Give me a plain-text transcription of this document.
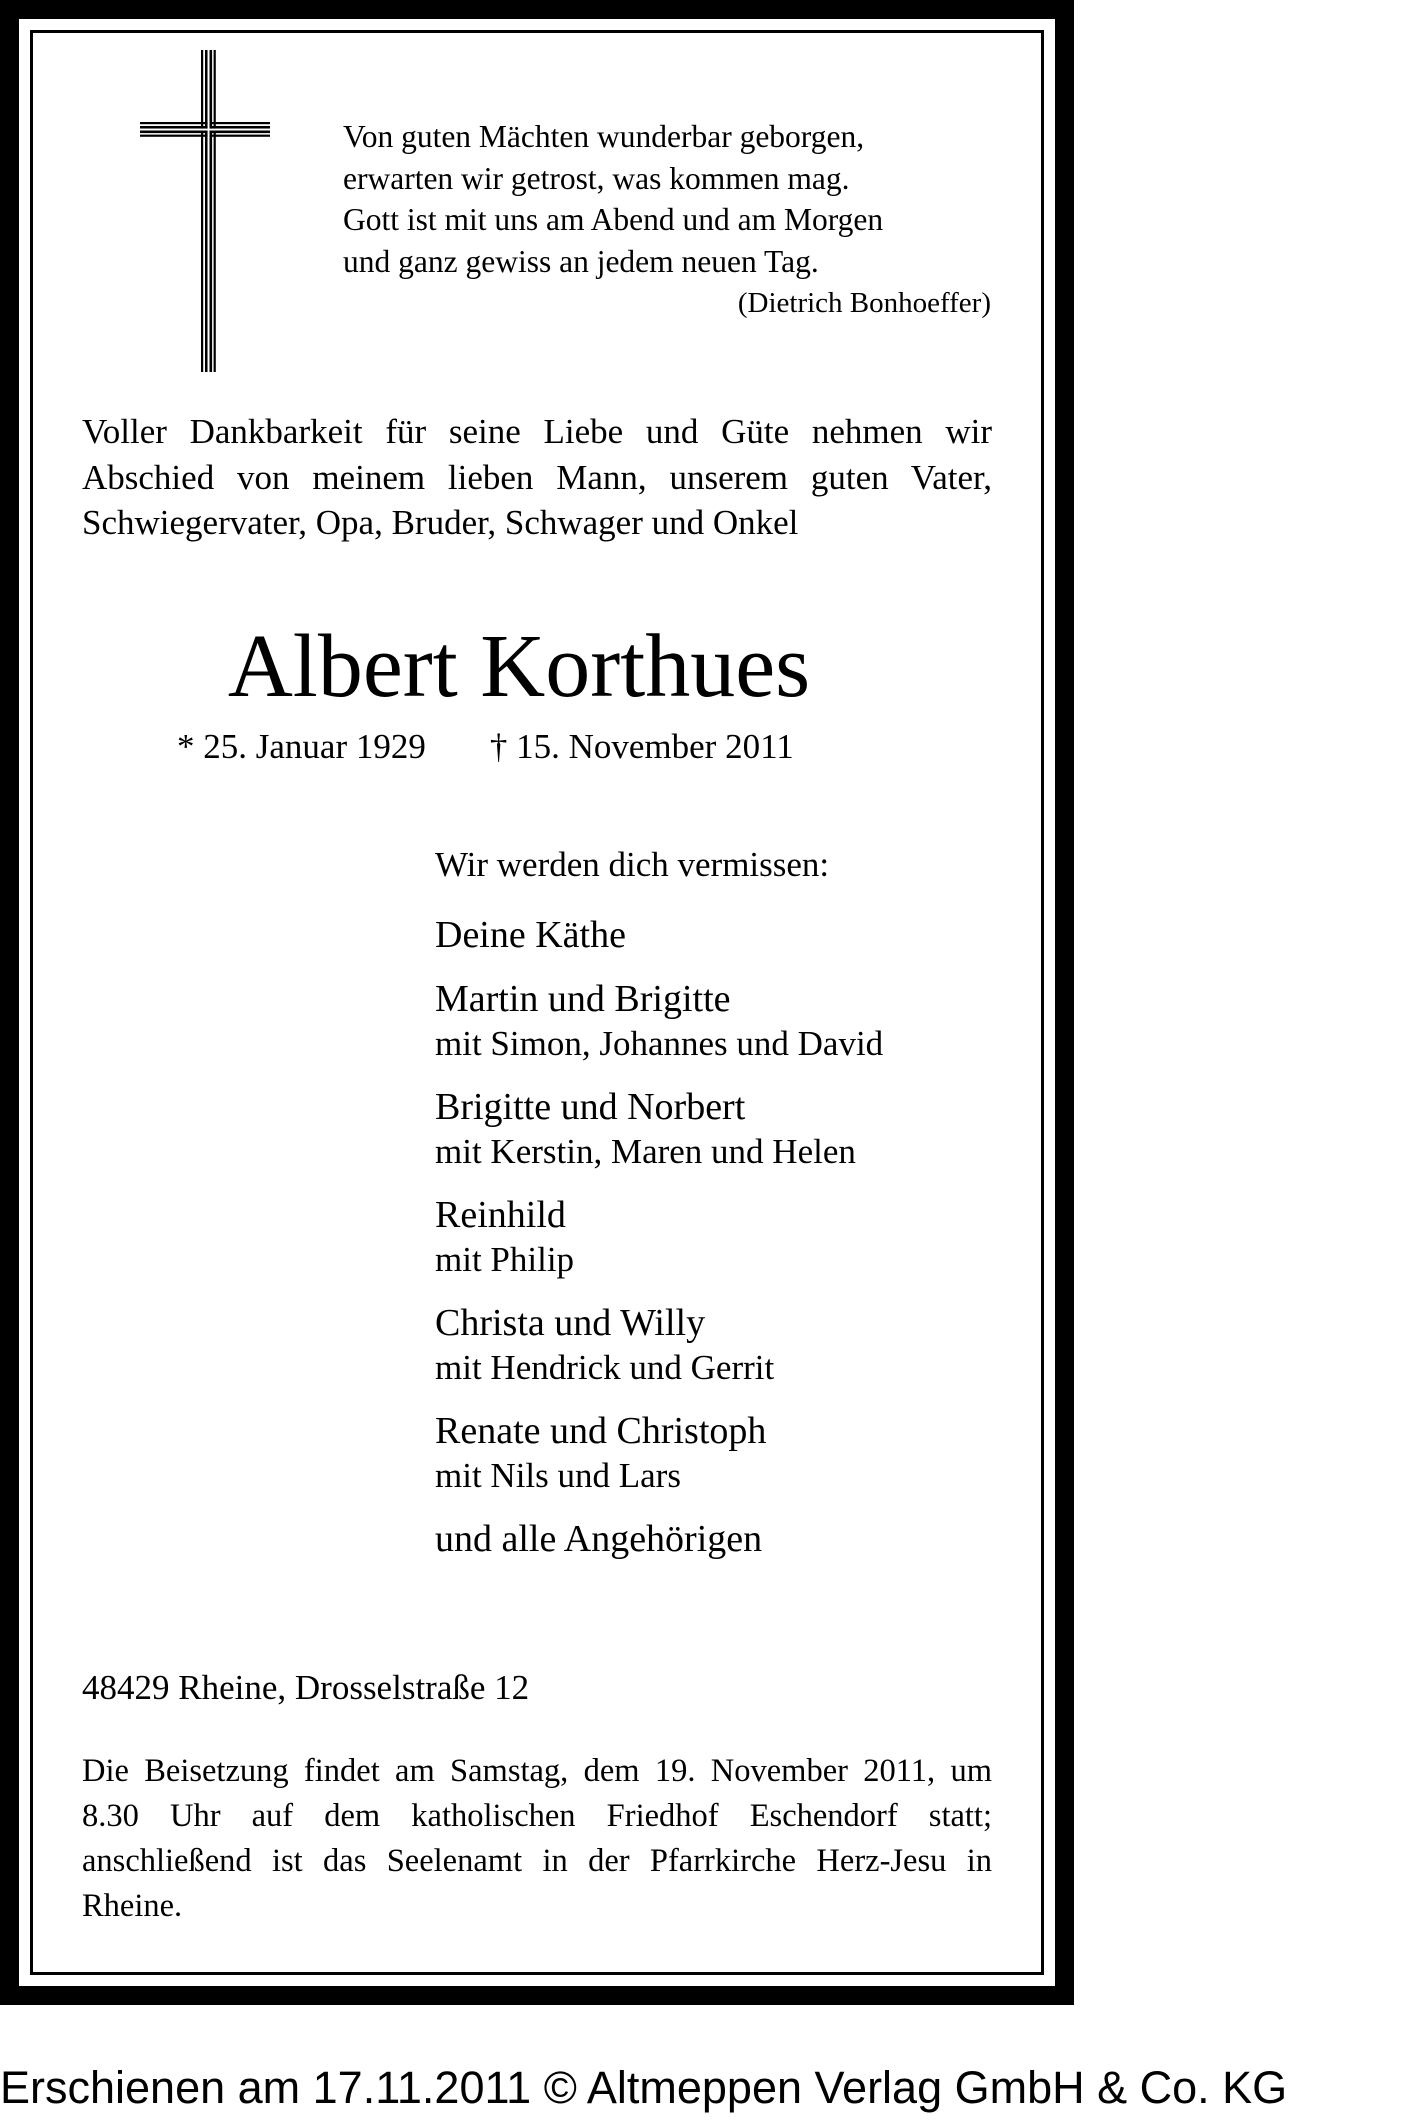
Von guten Mächten wunderbar geborgen,
erwarten wir getrost, was kommen mag.
Gott ist mit uns am Abend und am Morgen
und ganz gewiss an jedem neuen Tag.
(Dietrich Bonhoeffer)
Voller Dankbarkeit für seine Liebe und Güte nehmen wir Abschied von meinem lieben Mann, unserem guten Vater, Schwiegervater, Opa, Bruder, Schwager und Onkel
Albert Korthues
* 25. Januar 1929 † 15. November 2011
Wir werden dich vermissen:
Deine Käthe
Martin und Brigitte
mit Simon, Johannes und David
Brigitte und Norbert
mit Kerstin, Maren und Helen
Reinhild
mit Philip
Christa und Willy
mit Hendrick und Gerrit
Renate und Christoph
mit Nils und Lars
und alle Angehörigen
48429 Rheine, Drosselstraße 12
Die Beisetzung findet am Samstag, dem 19. November 2011, um 8.30 Uhr auf dem katholischen Friedhof Eschendorf statt; anschließend ist das Seelenamt in der Pfarrkirche Herz-Jesu in Rheine.
Erschienen am 17.11.2011 © Altmeppen Verlag GmbH & Co. KG
